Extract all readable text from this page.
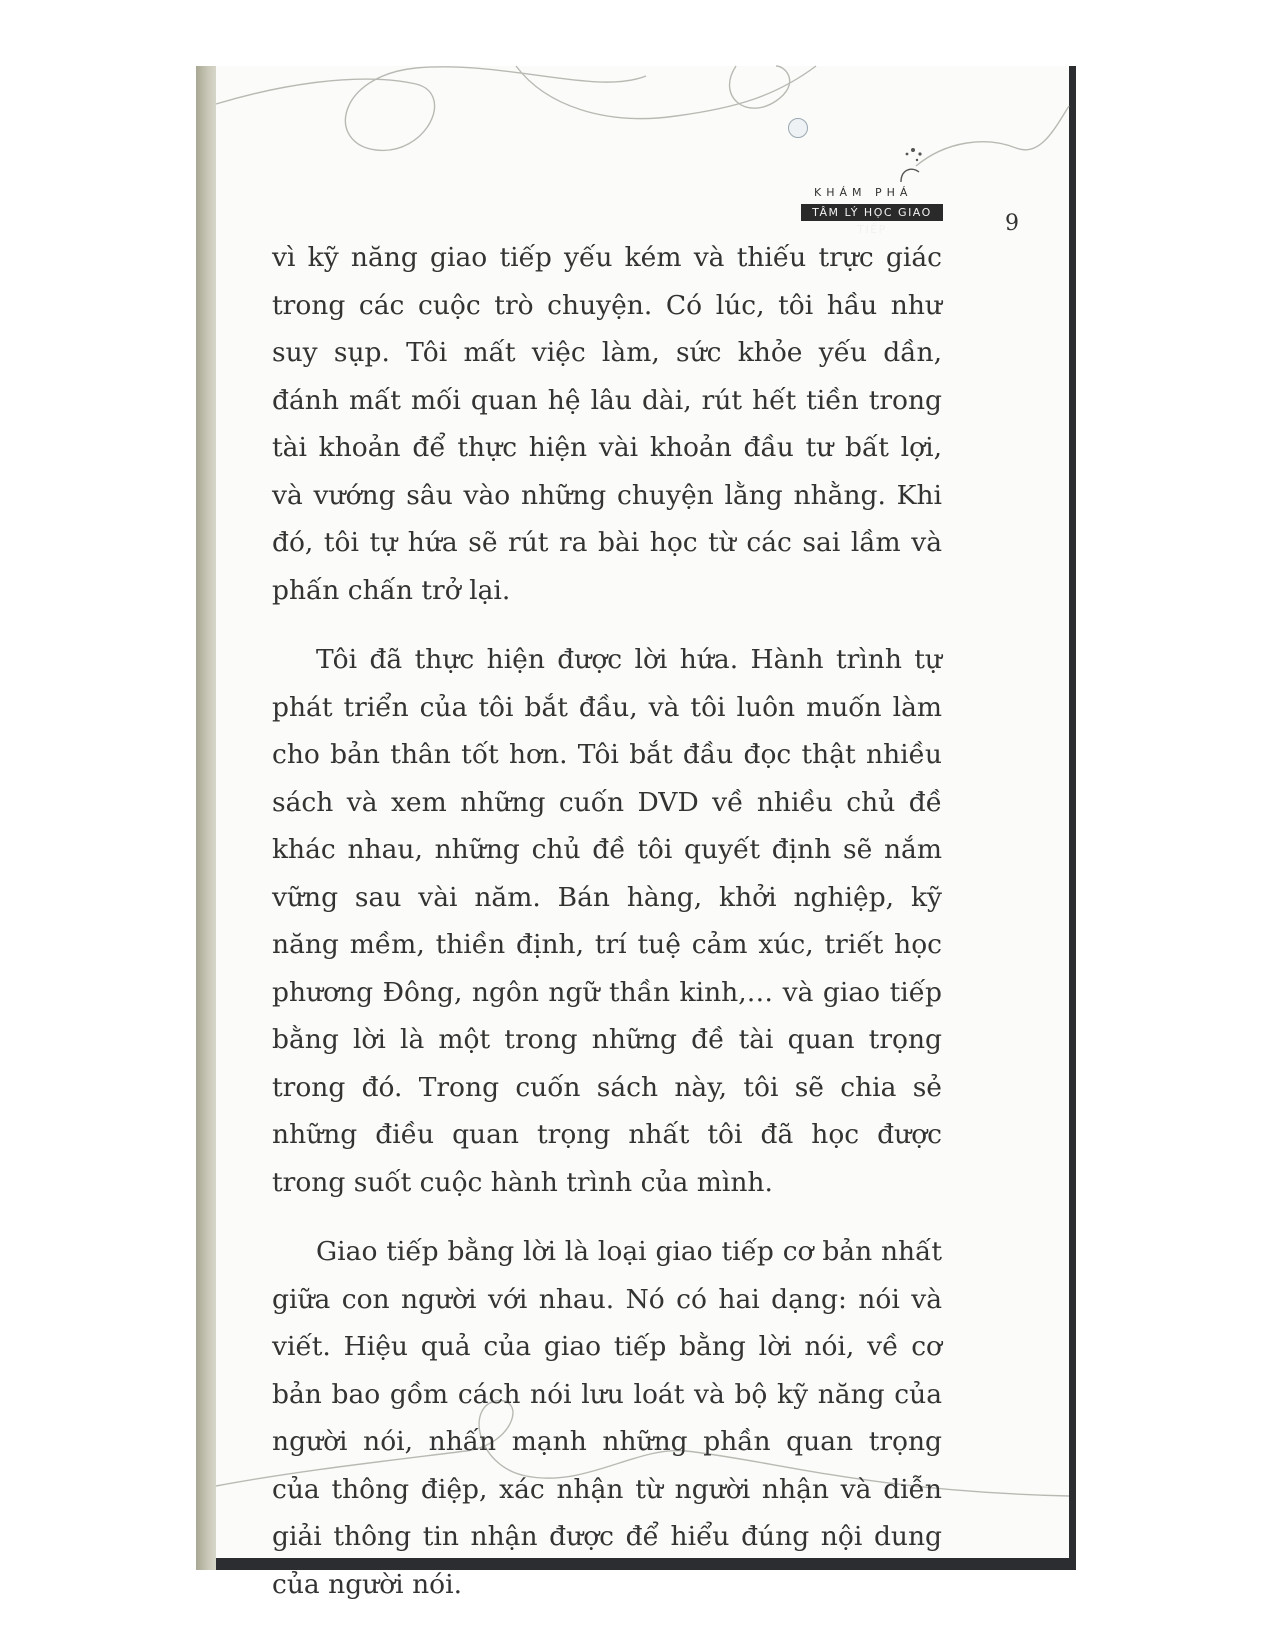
KHÁM PHÁ
TÂM LÝ HỌC GIAO TIẾP	9

vì kỹ năng giao tiếp yếu kém và thiếu trực giác trong các cuộc trò chuyện. Có lúc, tôi hầu như suy sụp. Tôi mất việc làm, sức khỏe yếu dần, đánh mất mối quan hệ lâu dài, rút hết tiền trong tài khoản để thực hiện vài khoản đầu tư bất lợi, và vướng sâu vào những chuyện lằng nhằng. Khi đó, tôi tự hứa sẽ rút ra bài học từ các sai lầm và phấn chấn trở lại.

Tôi đã thực hiện được lời hứa. Hành trình tự phát triển của tôi bắt đầu, và tôi luôn muốn làm cho bản thân tốt hơn. Tôi bắt đầu đọc thật nhiều sách và xem những cuốn DVD về nhiều chủ đề khác nhau, những chủ đề tôi quyết định sẽ nắm vững sau vài năm. Bán hàng, khởi nghiệp, kỹ năng mềm, thiền định, trí tuệ cảm xúc, triết học phương Đông, ngôn ngữ thần kinh,… và giao tiếp bằng lời là một trong những đề tài quan trọng trong đó. Trong cuốn sách này, tôi sẽ chia sẻ những điều quan trọng nhất tôi đã học được trong suốt cuộc hành trình của mình.

Giao tiếp bằng lời là loại giao tiếp cơ bản nhất giữa con người với nhau. Nó có hai dạng: nói và viết. Hiệu quả của giao tiếp bằng lời nói, về cơ bản bao gồm cách nói lưu loát và bộ kỹ năng của người nói, nhấn mạnh những phần quan trọng của thông điệp, xác nhận từ người nhận và diễn giải thông tin nhận được để hiểu đúng nội dung của người nói.
